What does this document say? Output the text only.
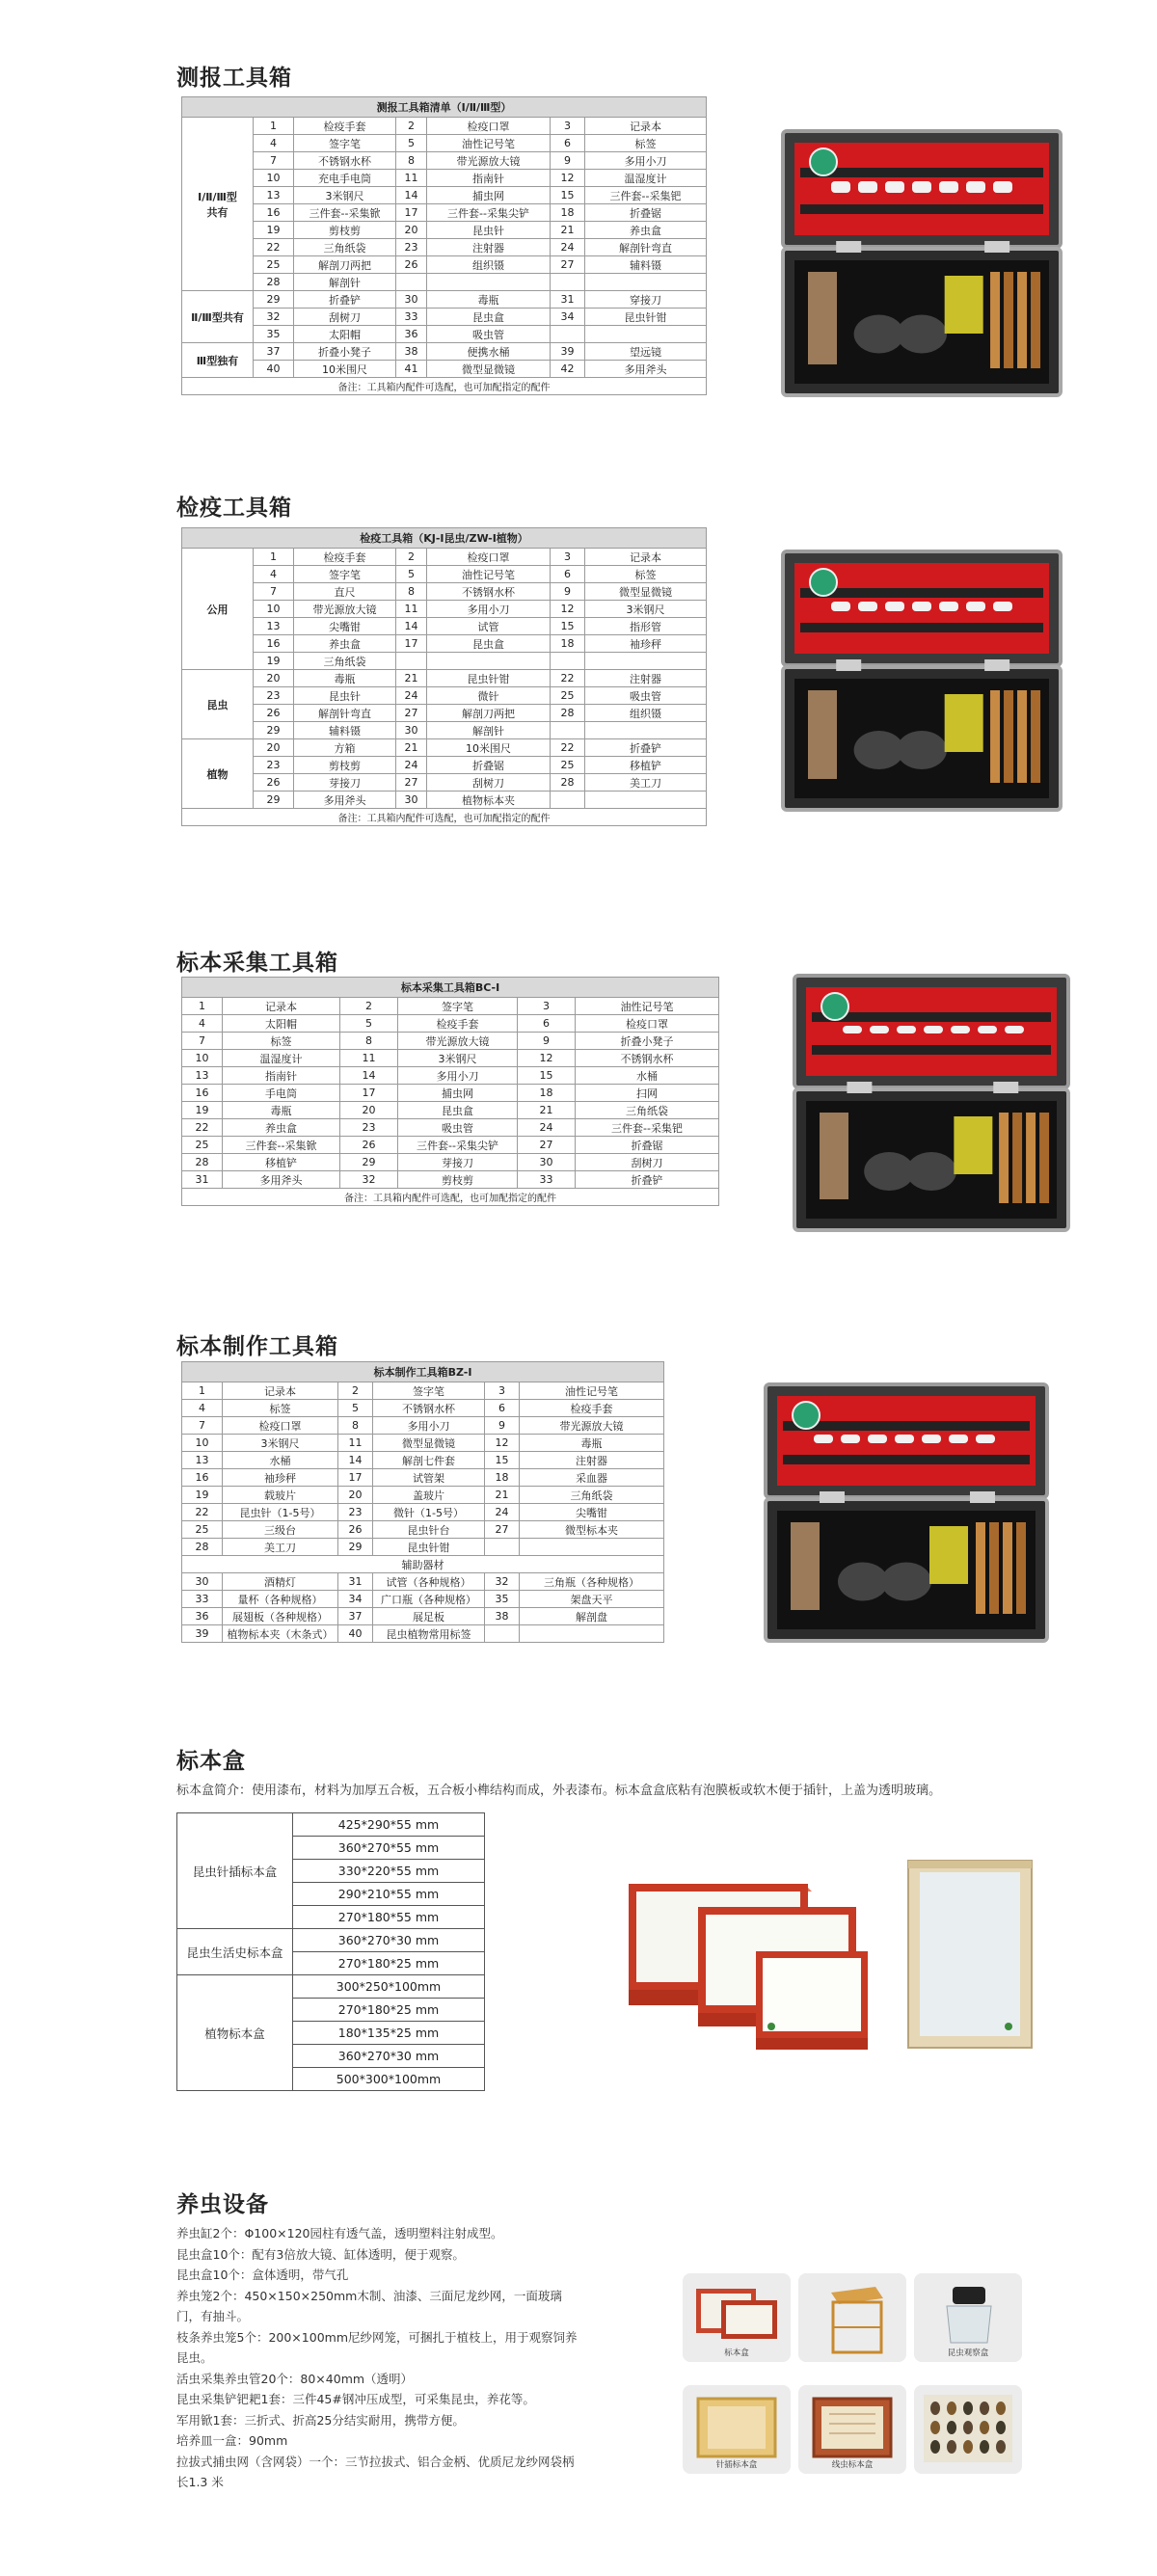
测报工具箱
测报工具箱清单（Ⅰ/Ⅱ/Ⅲ型）						
Ⅰ/Ⅱ/Ⅲ型
共有	1	检疫手套	2	检疫口罩	3	记录本
	4	签字笔	5	油性记号笔	6	标签
	7	不锈钢水杯	8	带光源放大镜	9	多用小刀
	10	充电手电筒	11	指南针	12	温湿度计
	13	3米钢尺	14	捕虫网	15	三件套--采集钯
	16	三件套--采集锨	17	三件套--采集尖铲	18	折叠锯
	19	剪枝剪	20	昆虫针	21	养虫盒
	22	三角纸袋	23	注射器	24	解剖针弯直
	25	解剖刀两把	26	组织镊	27	辅料镊
	28	解剖针				
Ⅱ/Ⅲ型共有	29	折叠铲	30	毒瓶	31	穿接刀
	32	刮树刀	33	昆虫盒	34	昆虫针钳
	35	太阳帽	36	吸虫管		
Ⅲ型独有	37	折叠小凳子	38	便携水桶	39	望远镜
	40	10米围尺	41	微型显微镜	42	多用斧头
备注：工具箱内配件可选配，也可加配指定的配件						
检疫工具箱
检疫工具箱（KJ-Ⅰ昆虫/ZW-Ⅰ植物）						
公用	1	检疫手套	2	检疫口罩	3	记录本
	4	签字笔	5	油性记号笔	6	标签
	7	直尺	8	不锈钢水杯	9	微型显微镜
	10	带光源放大镜	11	多用小刀	12	3米钢尺
	13	尖嘴钳	14	试管	15	指形管
	16	养虫盒	17	昆虫盒	18	袖珍秤
	19	三角纸袋				
昆虫	20	毒瓶	21	昆虫针钳	22	注射器
	23	昆虫针	24	微针	25	吸虫管
	26	解剖针弯直	27	解剖刀两把	28	组织镊
	29	辅料镊	30	解剖针		
植物	20	方箱	21	10米围尺	22	折叠铲
	23	剪枝剪	24	折叠锯	25	移植铲
	26	芽接刀	27	刮树刀	28	美工刀
	29	多用斧头	30	植物标本夹		
备注：工具箱内配件可选配，也可加配指定的配件						
标本采集工具箱
标本采集工具箱BC-Ⅰ					
1	记录本	2	签字笔	3	油性记号笔
4	太阳帽	5	检疫手套	6	检疫口罩
7	标签	8	带光源放大镜	9	折叠小凳子
10	温湿度计	11	3米钢尺	12	不锈钢水杯
13	指南针	14	多用小刀	15	水桶
16	手电筒	17	捕虫网	18	扫网
19	毒瓶	20	昆虫盒	21	三角纸袋
22	养虫盒	23	吸虫管	24	三件套--采集钯
25	三件套--采集锨	26	三件套--采集尖铲	27	折叠锯
28	移植铲	29	芽接刀	30	刮树刀
31	多用斧头	32	剪枝剪	33	折叠铲
备注：工具箱内配件可选配，也可加配指定的配件					
标本制作工具箱
标本制作工具箱BZ-Ⅰ					
1	记录本	2	签字笔	3	油性记号笔
4	标签	5	不锈钢水杯	6	检疫手套
7	检疫口罩	8	多用小刀	9	带光源放大镜
10	3米钢尺	11	微型显微镜	12	毒瓶
13	水桶	14	解剖七件套	15	注射器
16	袖珍秤	17	试管架	18	采血器
19	载玻片	20	盖玻片	21	三角纸袋
22	昆虫针（1-5号）	23	微针（1-5号）	24	尖嘴钳
25	三级台	26	昆虫针台	27	微型标本夹
28	美工刀	29	昆虫针钳		
辅助器材					
30	酒精灯	31	试管（各种规格）	32	三角瓶（各种规格）
33	量杯（各种规格）	34	广口瓶（各种规格）	35	架盘天平
36	展翅板（各种规格）	37	展足板	38	解剖盘
39	植物标本夹（木条式）	40	昆虫植物常用标签		
标本盒
标本盒简介：使用漆布，材料为加厚五合板，五合板小榫结构而成，外表漆布。标本盒盒底粘有泡膜板或软木便于插针，上盖为透明玻璃。
昆虫针插标本盒	425*290*55 mm
	360*270*55 mm
	330*220*55 mm
	290*210*55 mm
	270*180*55 mm
昆虫生活史标本盒	360*270*30 mm
	270*180*25 mm
植物标本盒	300*250*100mm
	270*180*25 mm
	180*135*25 mm
	360*270*30 mm
	500*300*100mm
养虫设备
养虫缸2个：Φ100×120园柱有透气盖，透明塑料注射成型。
昆虫盒10个：配有3倍放大镜、缸体透明，便于观察。
昆虫盒10个：盒体透明，带气孔
养虫笼2个：450×150×250mm木制、油漆、三面尼龙纱网，一面玻璃门，有抽斗。
枝条养虫笼5个：200×100mm尼纱网笼，可捆扎于植枝上，用于观察饲养昆虫。
活虫采集养虫管20个：80×40mm（透明）
昆虫采集铲钯耙1套：三件45#钢冲压成型，可采集昆虫，养花等。
军用锨1套：三折式、折高25分结实耐用，携带方便。
培养皿一盒：90mm
拉拔式捕虫网（含网袋）一个：三节拉拔式、铝合金柄、优质尼龙纱网袋柄长1.3 米
标本盒	昆虫观察盒
针插标本盒	线虫标本盒
